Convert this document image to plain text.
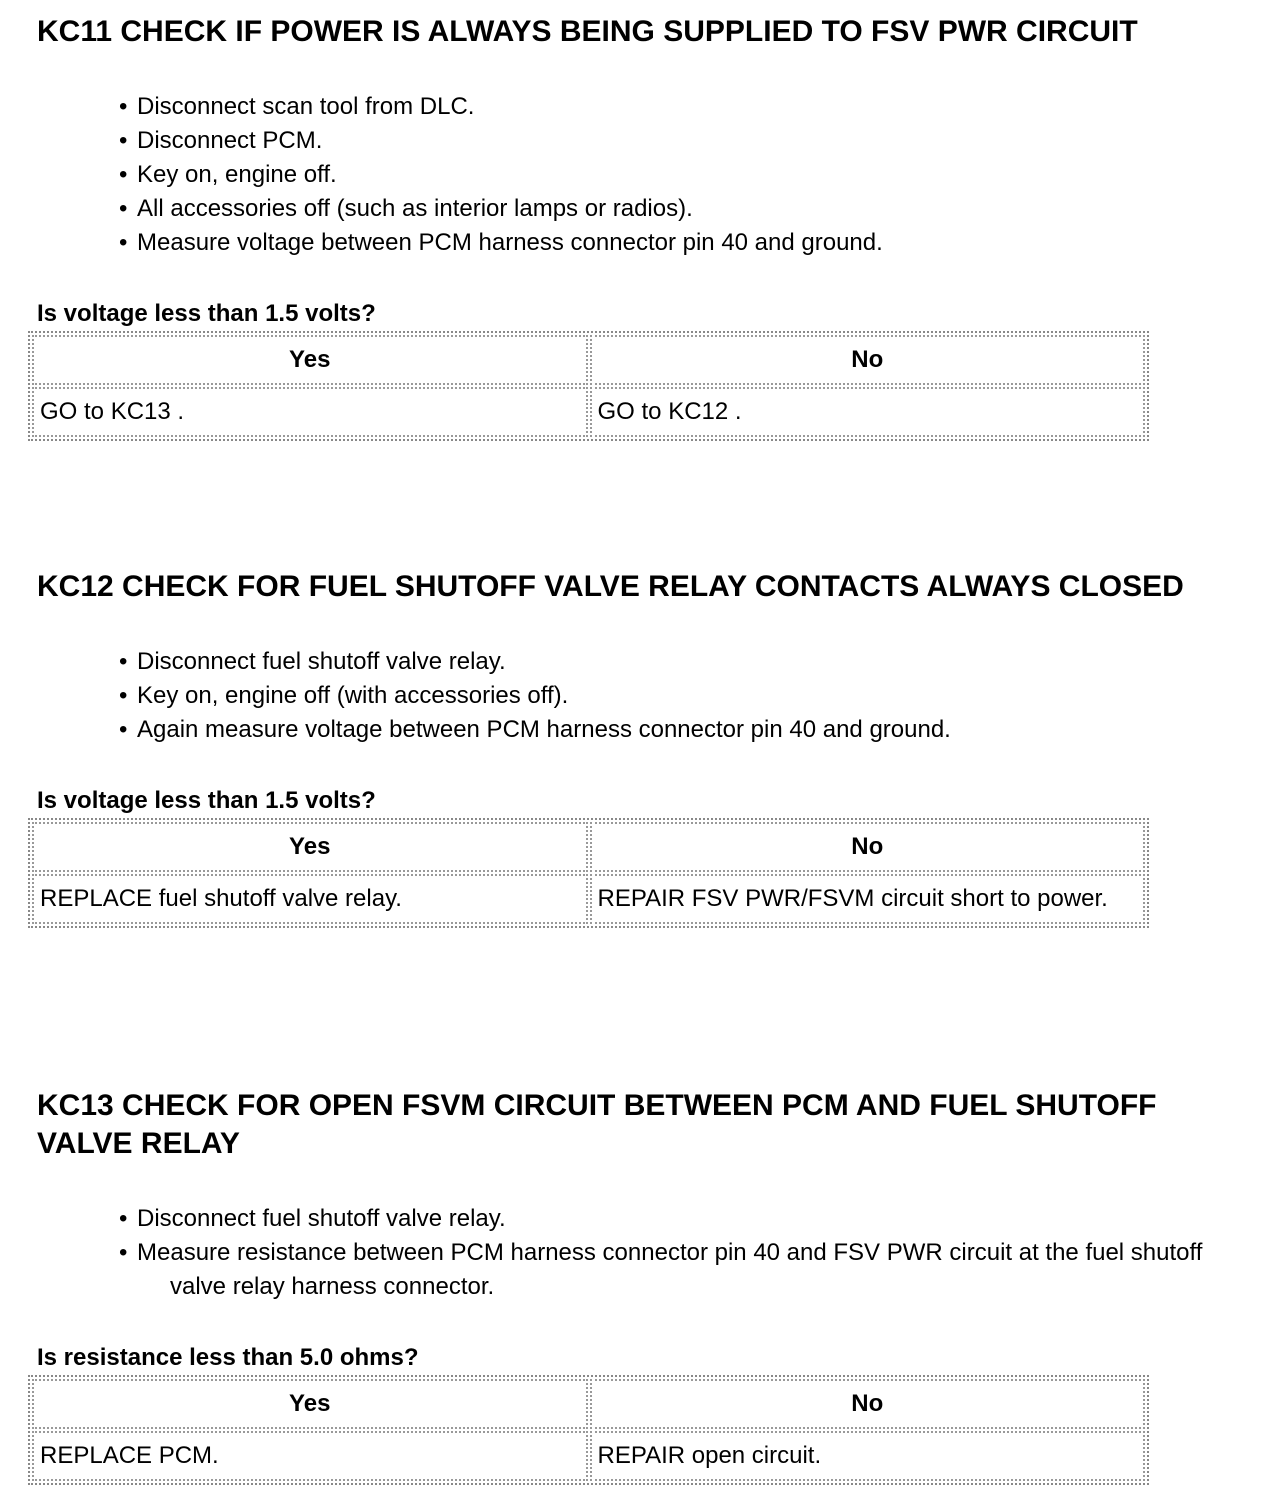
KC11 CHECK IF POWER IS ALWAYS BEING SUPPLIED TO FSV PWR CIRCUIT
• Disconnect scan tool from DLC.
• Disconnect PCM.
• Key on, engine off.
• All accessories off (such as interior lamps or radios).
• Measure voltage between PCM harness connector pin 40 and ground.
Is voltage less than 1.5 volts?
Yes	No
GO to KC13 .	GO to KC12 .
KC12 CHECK FOR FUEL SHUTOFF VALVE RELAY CONTACTS ALWAYS CLOSED
• Disconnect fuel shutoff valve relay.
• Key on, engine off (with accessories off).
• Again measure voltage between PCM harness connector pin 40 and ground.
Is voltage less than 1.5 volts?
Yes	No
REPLACE fuel shutoff valve relay.	REPAIR FSV PWR/FSVM circuit short to power.
KC13 CHECK FOR OPEN FSVM CIRCUIT BETWEEN PCM AND FUEL SHUTOFF VALVE RELAY
• Disconnect fuel shutoff valve relay.
• Measure resistance between PCM harness connector pin 40 and FSV PWR circuit at the fuel shutoff valve relay harness connector.
Is resistance less than 5.0 ohms?
Yes	No
REPLACE PCM.	REPAIR open circuit.
